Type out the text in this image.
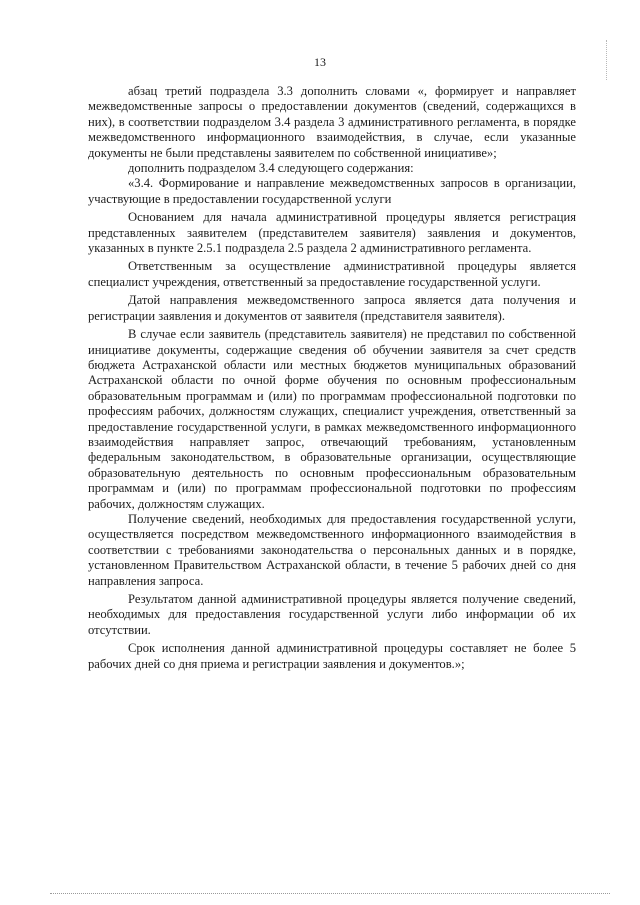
13

абзац третий подраздела 3.3 дополнить словами «, формирует и направляет межведомственные запросы о предоставлении документов (сведений, содержащихся в них), в соответствии подразделом 3.4 раздела 3 административного регламента, в порядке межведомственного информационного взаимодействия, в случае, если указанные документы не были представлены заявителем по собственной инициативе»;

дополнить подразделом 3.4 следующего содержания:

«3.4. Формирование и направление межведомственных запросов в организации, участвующие в предоставлении государственной услуги

Основанием для начала административной процедуры является регистрация представленных заявителем (представителем заявителя) заявления и документов, указанных в пункте 2.5.1 подраздела 2.5 раздела 2 административного регламента.

Ответственным за осуществление административной процедуры является специалист учреждения, ответственный за предоставление государственной услуги.

Датой направления межведомственного запроса является дата получения и регистрации заявления и документов от заявителя (представителя заявителя).

В случае если заявитель (представитель заявителя) не представил по собственной инициативе документы, содержащие сведения об обучении заявителя за счет средств бюджета Астраханской области или местных бюджетов муниципальных образований Астраханской области по очной форме обучения по основным профессиональным образовательным программам и (или) по программам профессиональной подготовки по профессиям рабочих, должностям служащих, специалист учреждения, ответственный за предоставление государственной услуги, в рамках межведомственного информационного взаимодействия направляет запрос, отвечающий требованиям, установленным федеральным законодательством, в образовательные организации, осуществляющие образовательную деятельность по основным профессиональным образовательным программам и (или) по программам профессиональной подготовки по профессиям рабочих, должностям служащих.

Получение сведений, необходимых для предоставления государственной услуги, осуществляется посредством межведомственного информационного взаимодействия в соответствии с требованиями законодательства о персональных данных и в порядке, установленном Правительством Астраханской области, в течение 5 рабочих дней со дня направления запроса.

Результатом данной административной процедуры является получение сведений, необходимых для предоставления государственной услуги либо информации об их отсутствии.

Срок исполнения данной административной процедуры составляет не более 5 рабочих дней со дня приема и регистрации заявления и документов.»;
